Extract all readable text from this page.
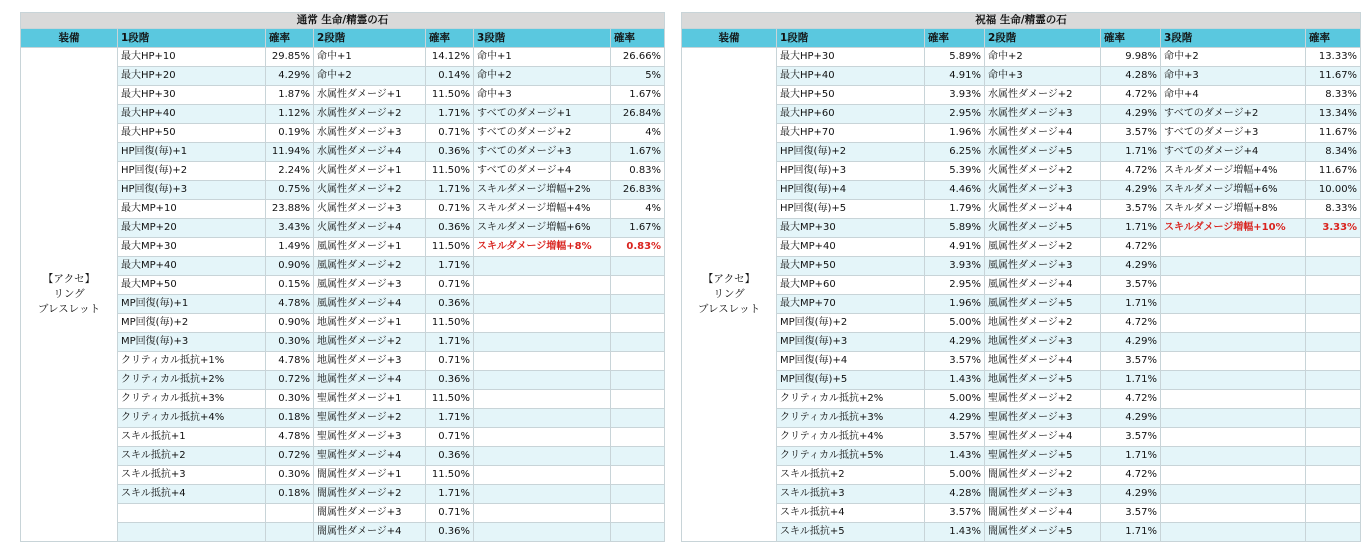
通常 生命/精霊の石						
装備	1段階	確率	2段階	確率	3段階	確率

【アクセ】
リング
ブレスレット	最大HP+10	29.85%	命中+1	14.12%	命中+1	26.66%
	最大HP+20	4.29%	命中+2	0.14%	命中+2	5%
	最大HP+30	1.87%	水属性ダメージ+1	11.50%	命中+3	1.67%
	最大HP+40	1.12%	水属性ダメージ+2	1.71%	すべてのダメージ+1	26.84%
	最大HP+50	0.19%	水属性ダメージ+3	0.71%	すべてのダメージ+2	4%
	HP回復(毎)+1	11.94%	水属性ダメージ+4	0.36%	すべてのダメージ+3	1.67%
	HP回復(毎)+2	2.24%	火属性ダメージ+1	11.50%	すべてのダメージ+4	0.83%
	HP回復(毎)+3	0.75%	火属性ダメージ+2	1.71%	スキルダメージ増幅+2%	26.83%
	最大MP+10	23.88%	火属性ダメージ+3	0.71%	スキルダメージ増幅+4%	4%
	最大MP+20	3.43%	火属性ダメージ+4	0.36%	スキルダメージ増幅+6%	1.67%
	最大MP+30	1.49%	風属性ダメージ+1	11.50%	スキルダメージ増幅+8%	0.83%
	最大MP+40	0.90%	風属性ダメージ+2	1.71%		
	最大MP+50	0.15%	風属性ダメージ+3	0.71%		
	MP回復(毎)+1	4.78%	風属性ダメージ+4	0.36%		
	MP回復(毎)+2	0.90%	地属性ダメージ+1	11.50%		
	MP回復(毎)+3	0.30%	地属性ダメージ+2	1.71%		
	クリティカル抵抗+1%	4.78%	地属性ダメージ+3	0.71%		
	クリティカル抵抗+2%	0.72%	地属性ダメージ+4	0.36%		
	クリティカル抵抗+3%	0.30%	聖属性ダメージ+1	11.50%		
	クリティカル抵抗+4%	0.18%	聖属性ダメージ+2	1.71%		
	スキル抵抗+1	4.78%	聖属性ダメージ+3	0.71%		
	スキル抵抗+2	0.72%	聖属性ダメージ+4	0.36%		
	スキル抵抗+3	0.30%	闇属性ダメージ+1	11.50%		
	スキル抵抗+4	0.18%	闇属性ダメージ+2	1.71%		
			闇属性ダメージ+3	0.71%		
			闇属性ダメージ+4	0.36%		
祝福 生命/精霊の石						
装備	1段階	確率	2段階	確率	3段階	確率

【アクセ】
リング
ブレスレット	最大HP+30	5.89%	命中+2	9.98%	命中+2	13.33%
	最大HP+40	4.91%	命中+3	4.28%	命中+3	11.67%
	最大HP+50	3.93%	水属性ダメージ+2	4.72%	命中+4	8.33%
	最大HP+60	2.95%	水属性ダメージ+3	4.29%	すべてのダメージ+2	13.34%
	最大HP+70	1.96%	水属性ダメージ+4	3.57%	すべてのダメージ+3	11.67%
	HP回復(毎)+2	6.25%	水属性ダメージ+5	1.71%	すべてのダメージ+4	8.34%
	HP回復(毎)+3	5.39%	火属性ダメージ+2	4.72%	スキルダメージ増幅+4%	11.67%
	HP回復(毎)+4	4.46%	火属性ダメージ+3	4.29%	スキルダメージ増幅+6%	10.00%
	HP回復(毎)+5	1.79%	火属性ダメージ+4	3.57%	スキルダメージ増幅+8%	8.33%
	最大MP+30	5.89%	火属性ダメージ+5	1.71%	スキルダメージ増幅+10%	3.33%
	最大MP+40	4.91%	風属性ダメージ+2	4.72%		
	最大MP+50	3.93%	風属性ダメージ+3	4.29%		
	最大MP+60	2.95%	風属性ダメージ+4	3.57%		
	最大MP+70	1.96%	風属性ダメージ+5	1.71%		
	MP回復(毎)+2	5.00%	地属性ダメージ+2	4.72%		
	MP回復(毎)+3	4.29%	地属性ダメージ+3	4.29%		
	MP回復(毎)+4	3.57%	地属性ダメージ+4	3.57%		
	MP回復(毎)+5	1.43%	地属性ダメージ+5	1.71%		
	クリティカル抵抗+2%	5.00%	聖属性ダメージ+2	4.72%		
	クリティカル抵抗+3%	4.29%	聖属性ダメージ+3	4.29%		
	クリティカル抵抗+4%	3.57%	聖属性ダメージ+4	3.57%		
	クリティカル抵抗+5%	1.43%	聖属性ダメージ+5	1.71%		
	スキル抵抗+2	5.00%	闇属性ダメージ+2	4.72%		
	スキル抵抗+3	4.28%	闇属性ダメージ+3	4.29%		
	スキル抵抗+4	3.57%	闇属性ダメージ+4	3.57%		
	スキル抵抗+5	1.43%	闇属性ダメージ+5	1.71%		
